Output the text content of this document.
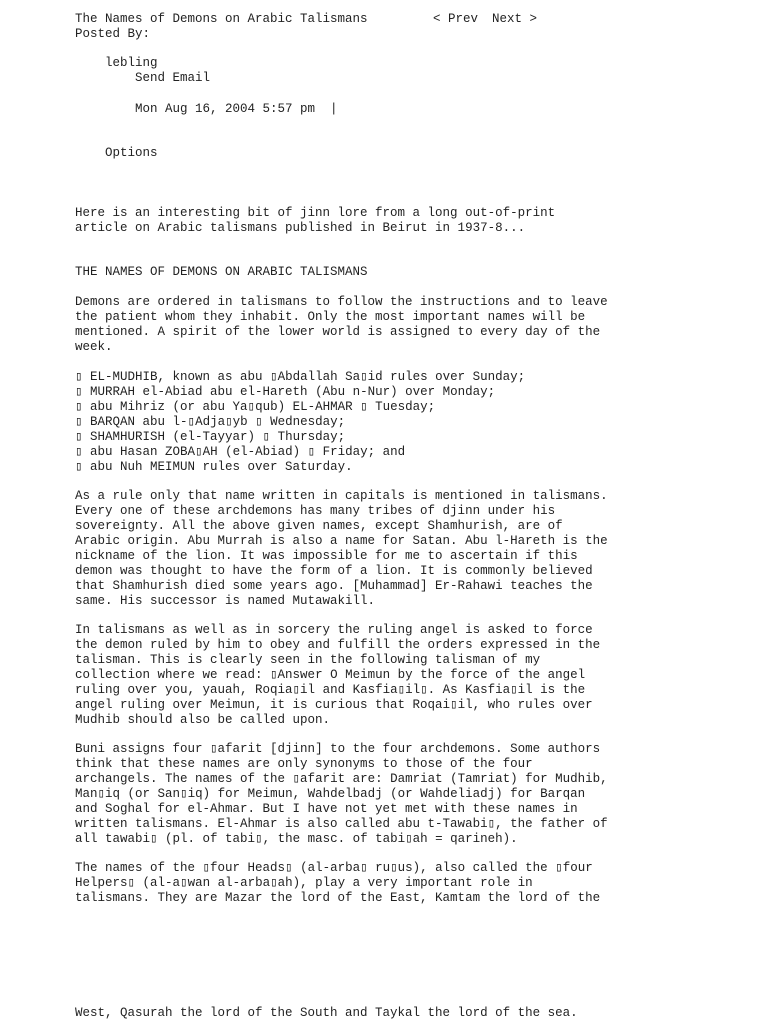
The Names of Demons on Arabic Talismans	< Prev Next >
Posted By:
lebling
Send Email
Mon Aug 16, 2004 5:57 pm  |
Options

Here is an interesting bit of jinn lore from a long out-of-print

article on Arabic talismans published in Beirut in 1937-8...

THE NAMES OF DEMONS ON ARABIC TALISMANS

Demons are ordered in talismans to follow the instructions and to leave

the patient whom they inhabit. Only the most important names will be

mentioned. A spirit of the lower world is assigned to every day of the

week.

▯ EL-MUDHIB, known as abu ▯Abdallah Sa▯id rules over Sunday;

▯ MURRAH el-Abiad abu el-Hareth (Abu n-Nur) over Monday;

▯ abu Mihriz (or abu Ya▯qub) EL-AHMAR ▯ Tuesday;

▯ BARQAN abu l-▯Adja▯yb ▯ Wednesday;

▯ SHAMHURISH (el-Tayyar) ▯ Thursday;

▯ abu Hasan ZOBA▯AH (el-Abiad) ▯ Friday; and

▯ abu Nuh MEIMUN rules over Saturday.

As a rule only that name written in capitals is mentioned in talismans.

Every one of these archdemons has many tribes of djinn under his

sovereignty. All the above given names, except Shamhurish, are of

Arabic origin. Abu Murrah is also a name for Satan. Abu l-Hareth is the

nickname of the lion. It was impossible for me to ascertain if this

demon was thought to have the form of a lion. It is commonly believed

that Shamhurish died some years ago. [Muhammad] Er-Rahawi teaches the

same. His successor is named Mutawakill.

In talismans as well as in sorcery the ruling angel is asked to force

the demon ruled by him to obey and fulfill the orders expressed in the

talisman. This is clearly seen in the following talisman of my

collection where we read: ▯Answer O Meimun by the force of the angel

ruling over you, yauah, Roqia▯il and Kasfia▯il▯. As Kasfia▯il is the

angel ruling over Meimun, it is curious that Roqai▯il, who rules over

Mudhib should also be called upon.

Buni assigns four ▯afarit [djinn] to the four archdemons. Some authors

think that these names are only synonyms to those of the four

archangels. The names of the ▯afarit are: Damriat (Tamriat) for Mudhib,

Man▯iq (or San▯iq) for Meimun, Wahdelbadj (or Wahdeliadj) for Barqan

and Soghal for el-Ahmar. But I have not yet met with these names in

written talismans. El-Ahmar is also called abu t-Tawabi▯, the father of

all tawabi▯ (pl. of tabi▯, the masc. of tabi▯ah = qarineh).

The names of the ▯four Heads▯ (al-arba▯ ru▯us), also called the ▯four

Helpers▯ (al-a▯wan al-arba▯ah), play a very important role in

talismans. They are Mazar the lord of the East, Kamtam the lord of the

West, Qasurah the lord of the South and Taykal the lord of the sea.
